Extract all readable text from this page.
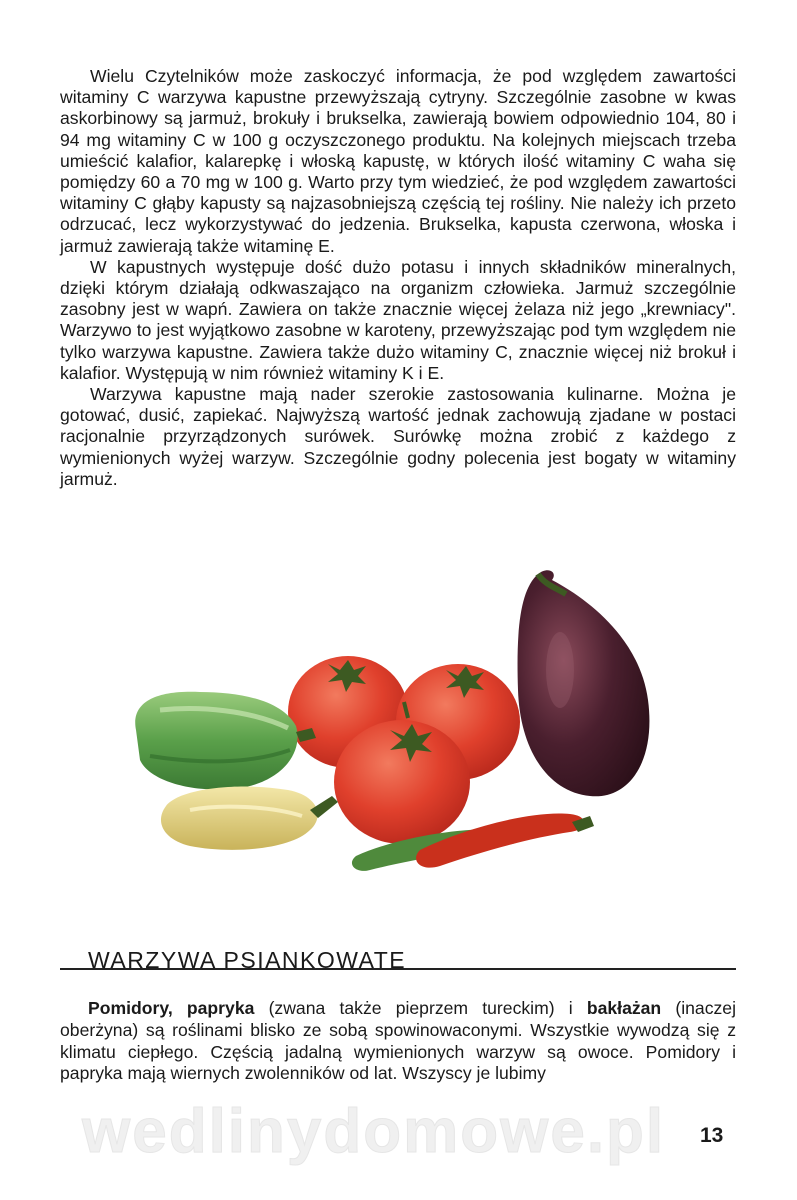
Wielu Czytelników może zaskoczyć informacja, że pod względem zawartości witaminy C warzywa kapustne przewyższają cytryny. Szczególnie zasobne w kwas askorbinowy są jarmuż, brokuły i brukselka, zawierają bowiem odpowiednio 104, 80 i 94 mg witaminy C w 100 g oczyszczonego produktu. Na kolejnych miejscach trzeba umieścić kalafior, kalarepkę i włoską kapustę, w których ilość witaminy C waha się pomiędzy 60 a 70 mg w 100 g. Warto przy tym wiedzieć, że pod względem zawartości witaminy C głąby kapusty są najzasobniejszą częścią tej rośliny. Nie należy ich przeto odrzucać, lecz wykorzystywać do jedzenia. Brukselka, kapusta czerwona, włoska i jarmuż zawierają także witaminę E.

W kapustnych występuje dość dużo potasu i innych składników mineralnych, dzięki którym działają odkwaszająco na organizm człowieka. Jarmuż szczególnie zasobny jest w wapń. Zawiera on także znacznie więcej żelaza niż jego „krewniacy". Warzywo to jest wyjątkowo zasobne w karoteny, przewyższając pod tym względem nie tylko warzywa kapustne. Zawiera także dużo witaminy C, znacznie więcej niż brokuł i kalafior. Występują w nim również witaminy K i E.

Warzywa kapustne mają nader szerokie zastosowania kulinarne. Można je gotować, dusić, zapiekać. Najwyższą wartość jednak zachowują zjadane w postaci racjonalnie przyrządzonych surówek. Surówkę można zrobić z każdego z wymienionych wyżej warzyw. Szczególnie godny polecenia jest bogaty w witaminy jarmuż.

WARZYWA PSIANKOWATE

Pomidory, papryka (zwana także pieprzem tureckim) i bakłażan (inaczej oberżyna) są roślinami blisko ze sobą spowinowaconymi. Wszystkie wywodzą się z klimatu ciepłego. Częścią jadalną wymienionych warzyw są owoce. Pomidory i papryka mają wiernych zwolenników od lat. Wszyscy je lubimy

wedlinydomowe.pl 13
